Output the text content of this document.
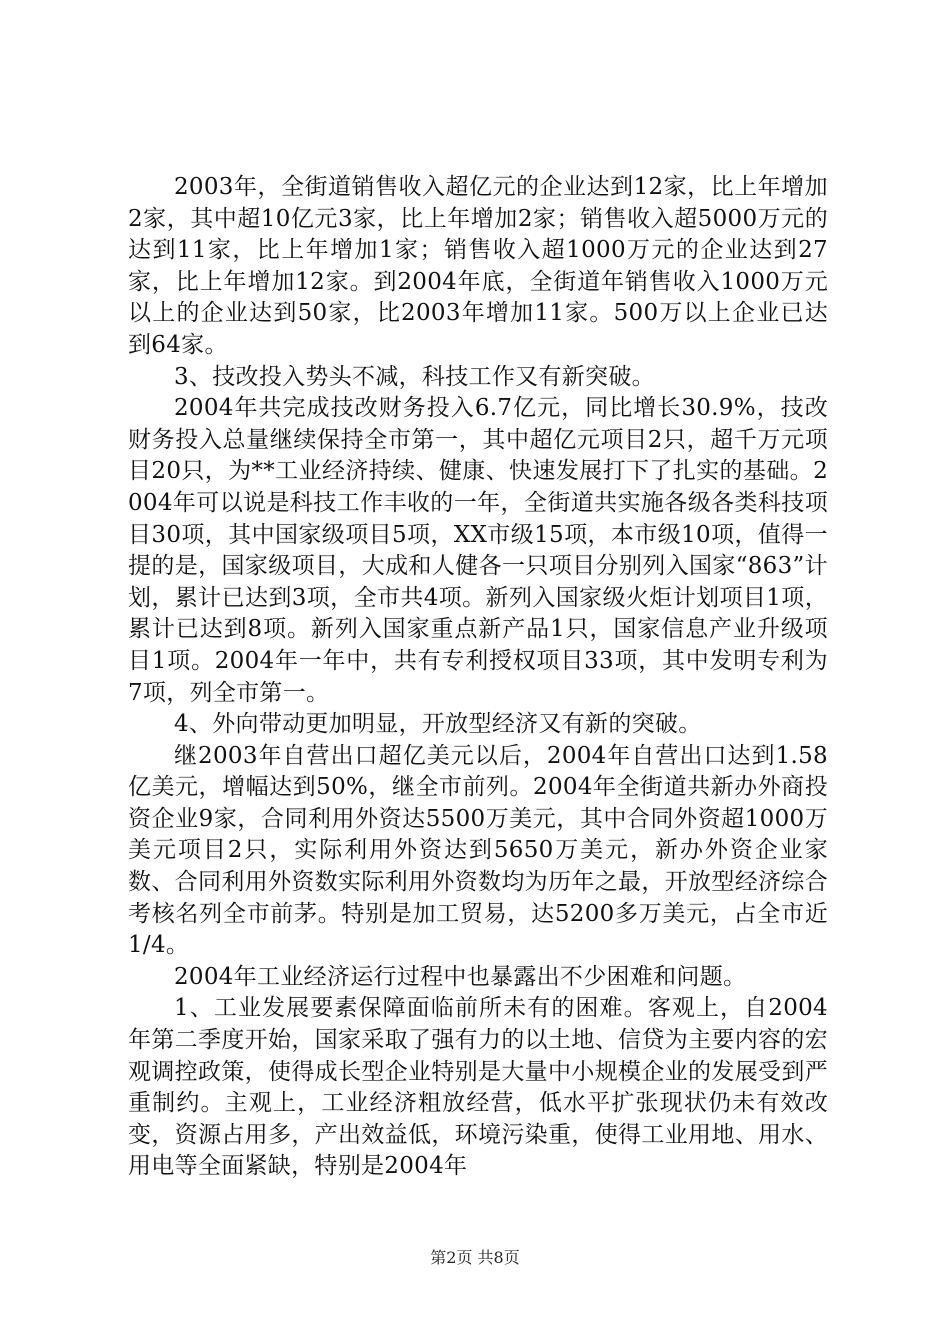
2003年，全街道销售收入超亿元的企业达到12家，比上年增加2家，其中超10亿元3家，比上年增加2家；销售收入超5000万元的达到11家，比上年增加1家；销售收入超1000万元的企业达到27家，比上年增加12家。到2004年底，全街道年销售收入1000万元以上的企业达到50家，比2003年增加11家。500万以上企业已达到64家。

3、技改投入势头不减，科技工作又有新突破。

2004年共完成技改财务投入6.7亿元，同比增长30.9%，技改财务投入总量继续保持全市第一，其中超亿元项目2只，超千万元项目20只，为**工业经济持续、健康、快速发展打下了扎实的基础。2004年可以说是科技工作丰收的一年，全街道共实施各级各类科技项目30项，其中国家级项目5项，XX市级15项，本市级10项，值得一提的是，国家级项目，大成和人健各一只项目分别列入国家“863”计划，累计已达到3项，全市共4项。新列入国家级火炬计划项目1项，累计已达到8项。新列入国家重点新产品1只，国家信息产业升级项目1项。2004年一年中，共有专利授权项目33项，其中发明专利为7项，列全市第一。

4、外向带动更加明显，开放型经济又有新的突破。

继2003年自营出口超亿美元以后，2004年自营出口达到1.58亿美元，增幅达到50%，继全市前列。2004年全街道共新办外商投资企业9家，合同利用外资达5500万美元，其中合同外资超1000万美元项目2只，实际利用外资达到5650万美元，新办外资企业家数、合同利用外资数实际利用外资数均为历年之最，开放型经济综合考核名列全市前茅。特别是加工贸易，达5200多万美元，占全市近1/4。

2004年工业经济运行过程中也暴露出不少困难和问题。

1、工业发展要素保障面临前所未有的困难。客观上，自2004年第二季度开始，国家采取了强有力的以土地、信贷为主要内容的宏观调控政策，使得成长型企业特别是大量中小规模企业的发展受到严重制约。主观上，工业经济粗放经营，低水平扩张现状仍未有效改变，资源占用多，产出效益低，环境污染重，使得工业用地、用水、用电等全面紧缺，特别是2004年

第2页 共8页
